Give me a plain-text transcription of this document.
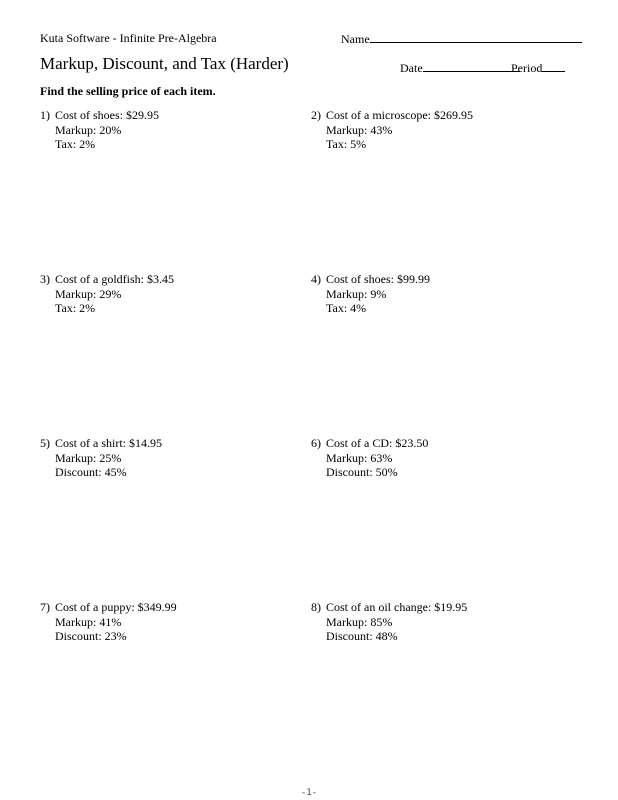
Kuta Software - Infinite Pre-Algebra	Name
Markup, Discount, and Tax (Harder)	Date	Period
Find the selling price of each item.
1) Cost of shoes: $29.95
Markup: 20%
Tax: 2%
2) Cost of a microscope: $269.95
Markup: 43%
Tax: 5%
3) Cost of a goldfish: $3.45
Markup: 29%
Tax: 2%
4) Cost of shoes: $99.99
Markup: 9%
Tax: 4%
5) Cost of a shirt: $14.95
Markup: 25%
Discount: 45%
6) Cost of a CD: $23.50
Markup: 63%
Discount: 50%
7) Cost of a puppy: $349.99
Markup: 41%
Discount: 23%
8) Cost of an oil change: $19.95
Markup: 85%
Discount: 48%
-1-
